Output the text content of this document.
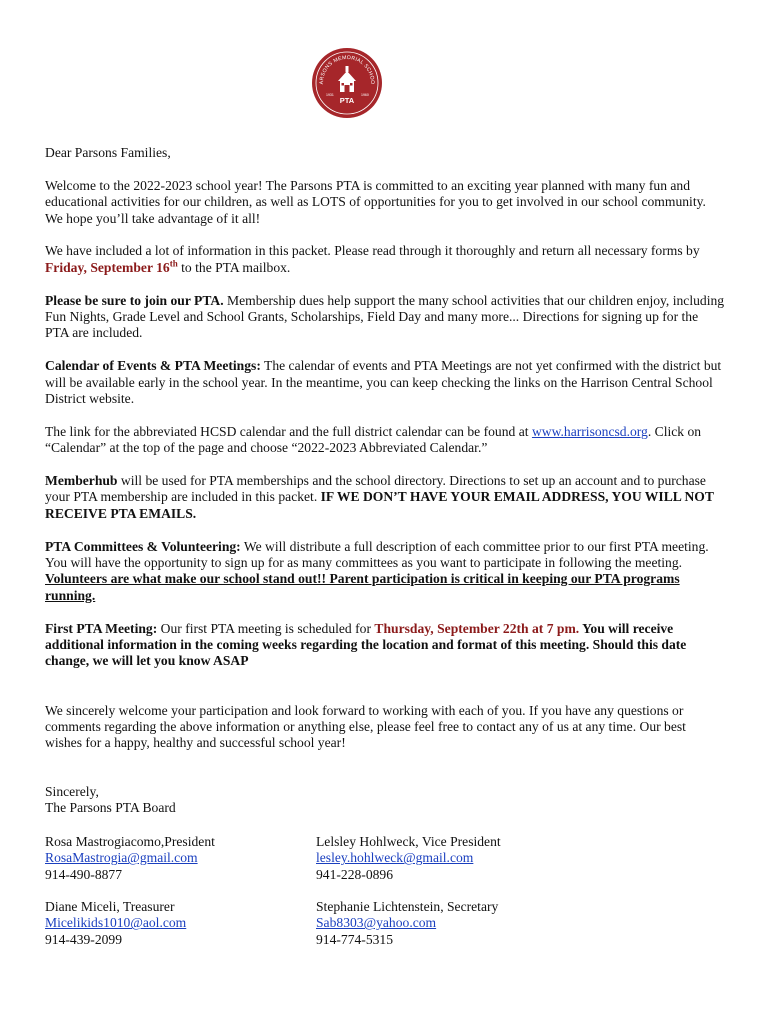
ARSONS MEMORIAL SCHOO
1931	1960
PTA

Dear Parsons Families,

Welcome to the 2022-2023 school year! The Parsons PTA is committed to an exciting year planned with many fun and educational activities for our children, as well as LOTS of opportunities for you to get involved in our school community. We hope you’ll take advantage of it all!

We have included a lot of information in this packet. Please read through it thoroughly and return all necessary forms by Friday, September 16th to the PTA mailbox.

Please be sure to join our PTA. Membership dues help support the many school activities that our children enjoy, including Fun Nights, Grade Level and School Grants, Scholarships, Field Day and many more... Directions for signing up for the PTA are included.

Calendar of Events & PTA Meetings: The calendar of events and PTA Meetings are not yet confirmed with the district but will be available early in the school year. In the meantime, you can keep checking the links on the Harrison Central School District website.

The link for the abbreviated HCSD calendar and the full district calendar can be found at www.harrisoncsd.org. Click on “Calendar” at the top of the page and choose “2022-2023 Abbreviated Calendar.”

Memberhub will be used for PTA memberships and the school directory. Directions to set up an account and to purchase your PTA membership are included in this packet. IF WE DON’T HAVE YOUR EMAIL ADDRESS, YOU WILL NOT RECEIVE PTA EMAILS.

PTA Committees & Volunteering: We will distribute a full description of each committee prior to our first PTA meeting. You will have the opportunity to sign up for as many committees as you want to participate in following the meeting. Volunteers are what make our school stand out!! Parent participation is critical in keeping our PTA programs running.

First PTA Meeting: Our first PTA meeting is scheduled for Thursday, September 22th at 7 pm. You will receive additional information in the coming weeks regarding the location and format of this meeting. Should this date change, we will let you know ASAP

We sincerely welcome your participation and look forward to working with each of you. If you have any questions or comments regarding the above information or anything else, please feel free to contact any of us at any time. Our best wishes for a happy, healthy and successful school year!

Sincerely,
The Parsons PTA Board
Rosa Mastrogiacomo,President
RosaMastrogia@gmail.com
914-490-8877
Lelsley Hohlweck, Vice President
lesley.hohlweck@gmail.com
941-228-0896
Diane Miceli, Treasurer
Micelikids1010@aol.com
914-439-2099
Stephanie Lichtenstein, Secretary
Sab8303@yahoo.com
914-774-5315
